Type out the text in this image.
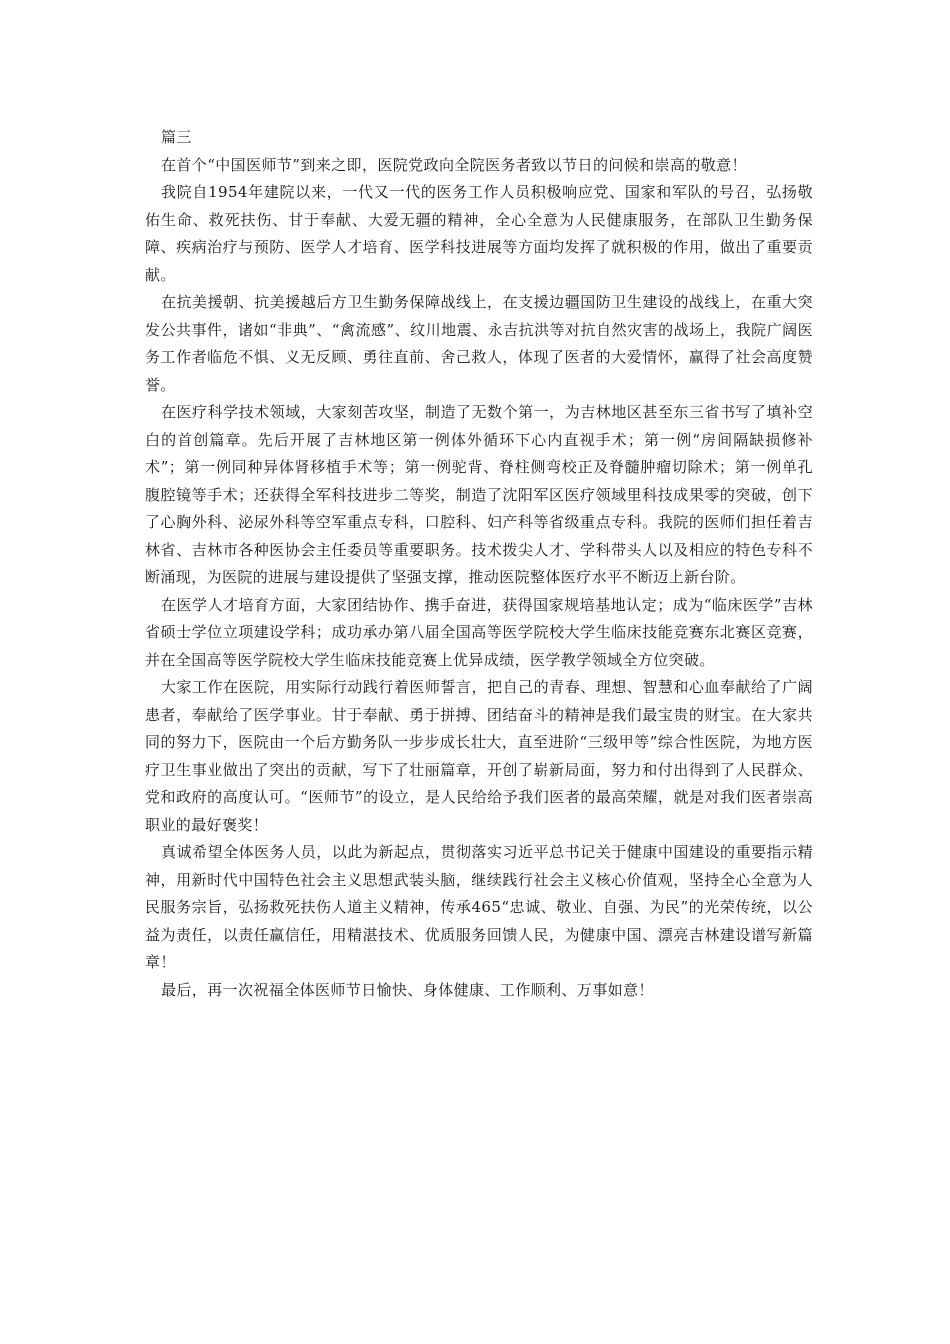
篇三

在首个“中国医师节”到来之即，医院党政向全院医务者致以节日的问候和崇高的敬意！

我院自1954年建院以来，一代又一代的医务工作人员积极响应党、国家和军队的号召，弘扬敬佑生命、救死扶伤、甘于奉献、大爱无疆的精神，全心全意为人民健康服务，在部队卫生勤务保障、疾病治疗与预防、医学人才培育、医学科技进展等方面均发挥了就积极的作用，做出了重要贡献。

在抗美援朝、抗美援越后方卫生勤务保障战线上，在支援边疆国防卫生建设的战线上，在重大突发公共事件，诸如“非典”、“禽流感”、纹川地震、永吉抗洪等对抗自然灾害的战场上，我院广阔医务工作者临危不惧、义无反顾、勇往直前、舍己救人，体现了医者的大爱情怀，赢得了社会高度赞誉。

在医疗科学技术领域，大家刻苦攻坚，制造了无数个第一，为吉林地区甚至东三省书写了填补空白的首创篇章。先后开展了吉林地区第一例体外循环下心内直视手术；第一例“房间隔缺损修补术”；第一例同种异体肾移植手术等；第一例驼背、脊柱侧弯校正及脊髓肿瘤切除术；第一例单孔腹腔镜等手术；还获得全军科技进步二等奖，制造了沈阳军区医疗领域里科技成果零的突破，创下了心胸外科、泌尿外科等空军重点专科，口腔科、妇产科等省级重点专科。我院的医师们担任着吉林省、吉林市各种医协会主任委员等重要职务。技术拨尖人才、学科带头人以及相应的特色专科不断涌现，为医院的进展与建设提供了坚强支撑，推动医院整体医疗水平不断迈上新台阶。

在医学人才培育方面，大家团结协作、携手奋进，获得国家规培基地认定；成为“临床医学”吉林省硕士学位立项建设学科；成功承办第八届全国高等医学院校大学生临床技能竞赛东北赛区竞赛，并在全国高等医学院校大学生临床技能竞赛上优异成绩，医学教学领域全方位突破。

大家工作在医院，用实际行动践行着医师誓言，把自己的青春、理想、智慧和心血奉献给了广阔患者，奉献给了医学事业。甘于奉献、勇于拼搏、团结奋斗的精神是我们最宝贵的财宝。在大家共同的努力下，医院由一个后方勤务队一步步成长壮大，直至进阶“三级甲等”综合性医院，为地方医疗卫生事业做出了突出的贡献，写下了壮丽篇章，开创了崭新局面，努力和付出得到了人民群众、党和政府的高度认可。“医师节”的设立，是人民给给予我们医者的最高荣耀，就是对我们医者崇高职业的最好褒奖！

真诚希望全体医务人员，以此为新起点，贯彻落实习近平总书记关于健康中国建设的重要指示精神，用新时代中国特色社会主义思想武装头脑，继续践行社会主义核心价值观，坚持全心全意为人民服务宗旨，弘扬救死扶伤人道主义精神，传承465“忠诚、敬业、自强、为民”的光荣传统，以公益为责任，以责任赢信任，用精湛技术、优质服务回馈人民，为健康中国、漂亮吉林建设谱写新篇章！

最后，再一次祝福全体医师节日愉快、身体健康、工作顺利、万事如意！
